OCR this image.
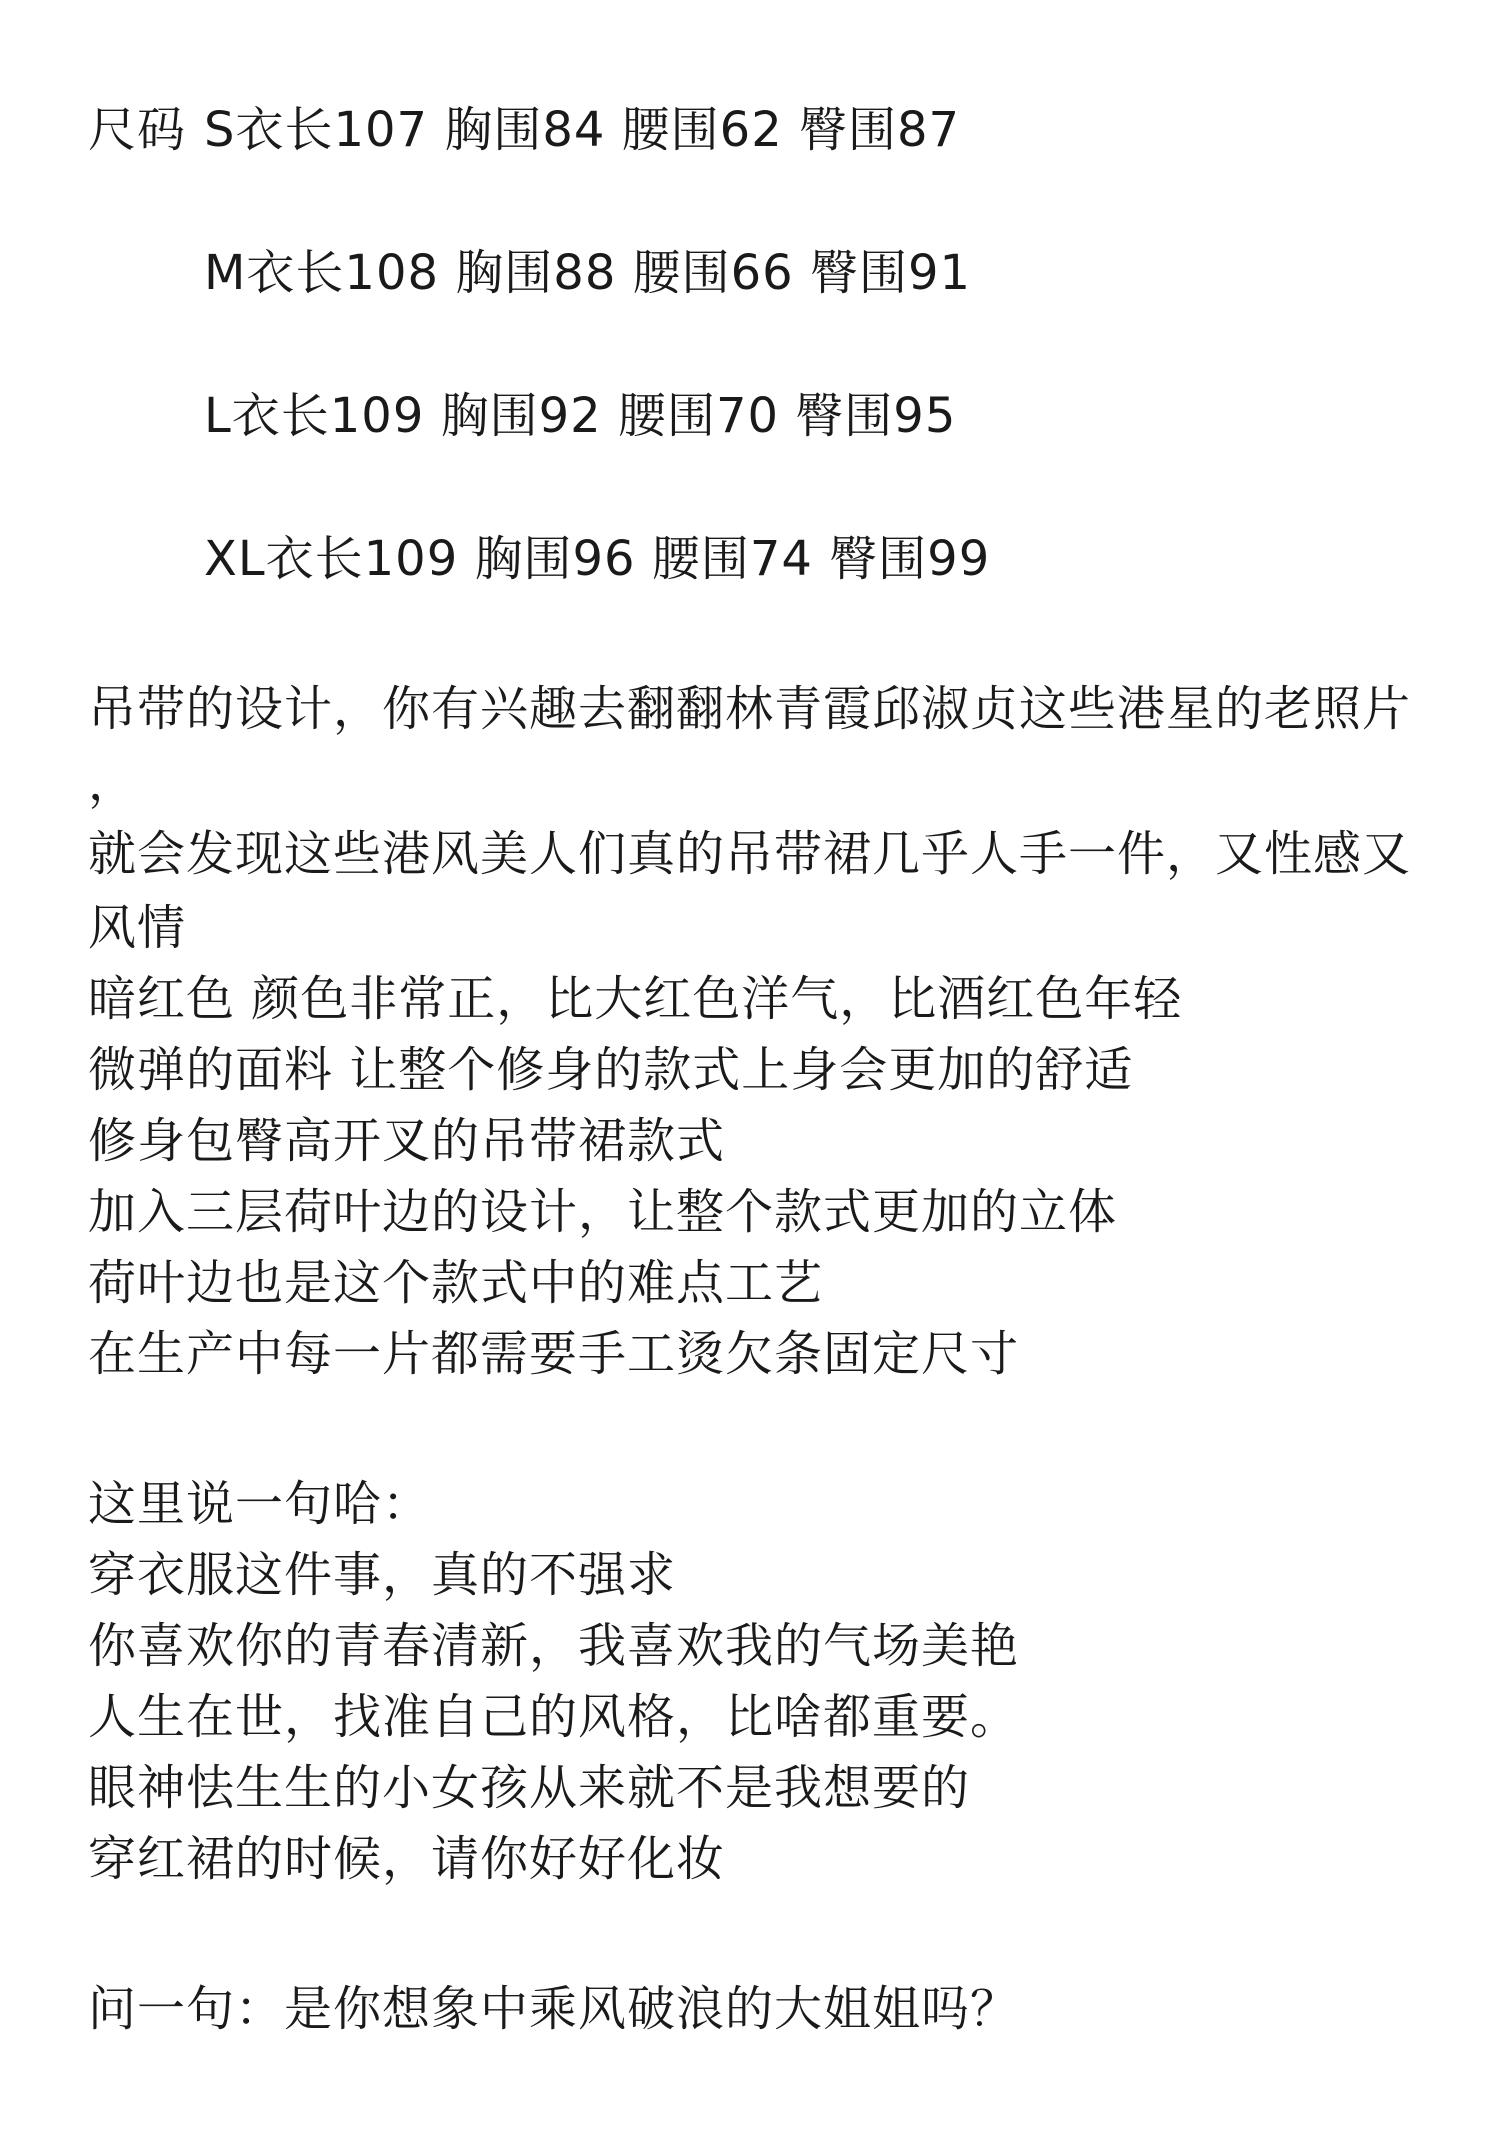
尺码 S衣长107 胸围84 腰围62 臀围87
M衣长108 胸围88 腰围66 臀围91
L衣长109 胸围92 腰围70 臀围95
XL衣长109 胸围96 腰围74 臀围99
吊带的设计，你有兴趣去翻翻林青霞邱淑贞这些港星的老照片
，
就会发现这些港风美人们真的吊带裙几乎人手一件，又性感又
风情
暗红色 颜色非常正，比大红色洋气，比酒红色年轻
微弹的面料 让整个修身的款式上身会更加的舒适
修身包臀高开叉的吊带裙款式
加入三层荷叶边的设计，让整个款式更加的立体
荷叶边也是这个款式中的难点工艺
在生产中每一片都需要手工烫欠条固定尺寸
这里说一句哈：
穿衣服这件事，真的不强求
你喜欢你的青春清新，我喜欢我的气场美艳
人生在世，找准自己的风格，比啥都重要。
眼神怯生生的小女孩从来就不是我想要的
穿红裙的时候，请你好好化妆
问一句：是你想象中乘风破浪的大姐姐吗？
